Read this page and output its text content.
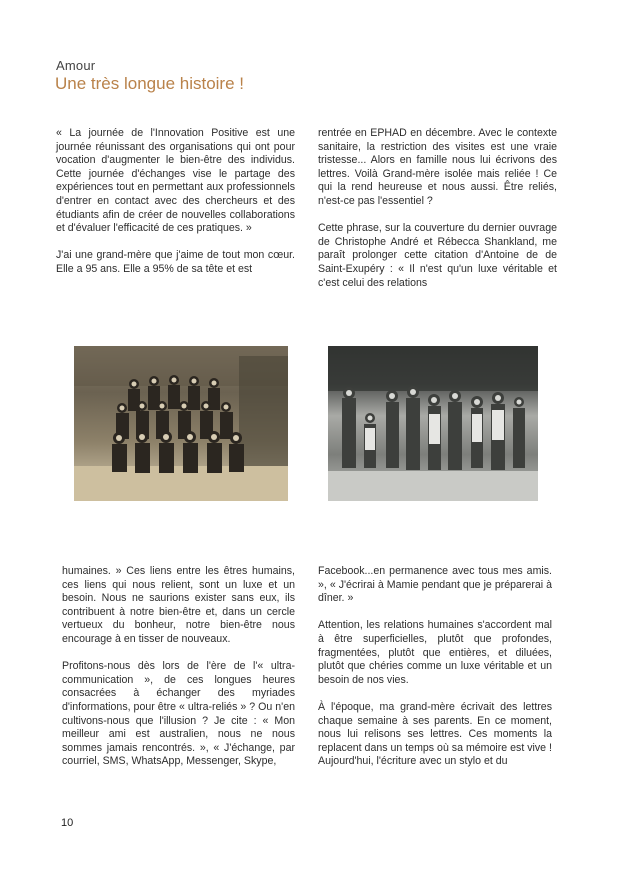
Amour
Une très longue histoire !

« La journée de l'Innovation Positive est une journée réunissant des organisations qui ont pour vocation d'augmenter le bien-être des individus. Cette journée d'échanges vise le partage des expériences tout en permettant aux professionnels d'entrer en contact avec des chercheurs et des étudiants afin de créer de nouvelles collaborations et d'évaluer l'efficacité de ces pratiques. »

J'ai une grand-mère que j'aime de tout mon cœur. Elle a 95 ans. Elle a 95% de sa tête et est

rentrée en EPHAD en décembre. Avec le contexte sanitaire, la restriction des visites est une vraie tristesse... Alors en famille nous lui écrivons des lettres. Voilà Grand-mère isolée mais reliée ! Ce qui la rend heureuse et nous aussi. Être reliés, n'est-ce pas l'essentiel ?

Cette phrase, sur la couverture du dernier ouvrage de Christophe André et Rébecca Shankland, me paraît prolonger cette citation d'Antoine de de Saint-Exupéry : « Il n'est qu'un luxe véritable et c'est celui des relations

humaines. » Ces liens entre les êtres humains, ces liens qui nous relient, sont un luxe et un besoin. Nous ne saurions exister sans eux, ils contribuent à notre bien-être et, dans un cercle vertueux du bonheur, notre bien-être nous encourage à en tisser de nouveaux.

Profitons-nous dès lors de l'ère de l'« ultra-communication », de ces longues heures consacrées à échanger des myriades d'informations, pour être « ultra-reliés » ? Ou n'en cultivons-nous que l'illusion ? Je cite : « Mon meilleur ami est australien, nous ne nous sommes jamais rencontrés. », « J'échange, par courriel, SMS, WhatsApp, Messenger, Skype,

Facebook...en permanence avec tous mes amis. », « J'écrirai à Mamie pendant que je préparerai à dîner. »

Attention, les relations humaines s'accordent mal à être superficielles, plutôt que profondes, fragmentées, plutôt que entières, et diluées, plutôt que chéries comme un luxe véritable et un besoin de nos vies.

À l'époque, ma grand-mère écrivait des lettres chaque semaine à ses parents. En ce moment, nous lui relisons ses lettres. Ces moments la replacent dans un temps où sa mémoire est vive ! Aujourd'hui, l'écriture avec un stylo et du

10
